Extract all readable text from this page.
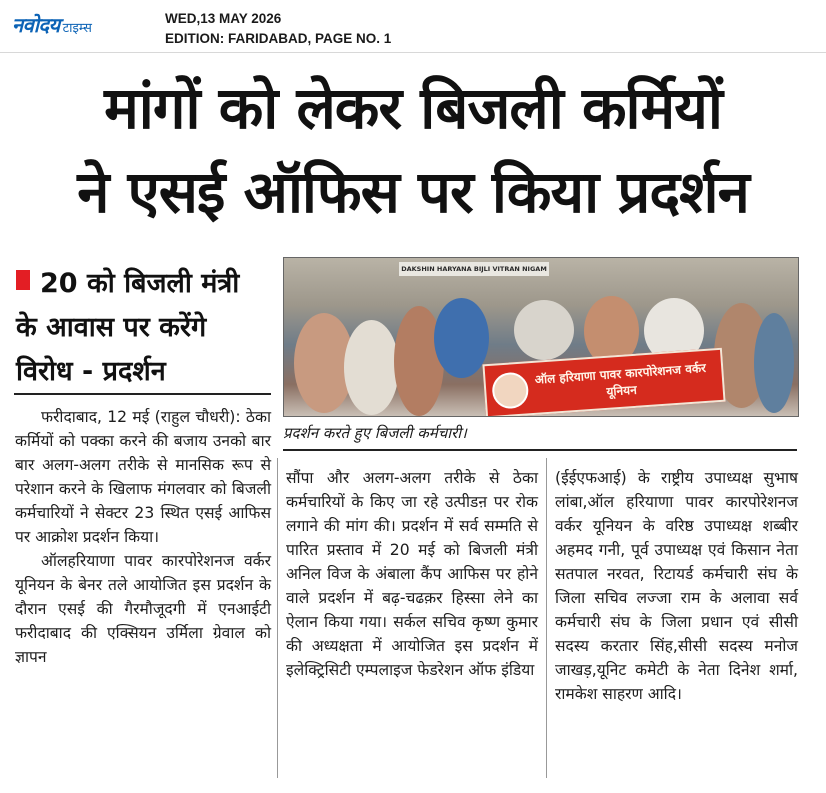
नवोदय टाइम्स
WED,13 MAY 2026
EDITION: FARIDABAD, PAGE NO. 1
मांगों को लेकर बिजली कर्मियों
ने एसई ऑफिस पर किया प्रदर्शन
20 को बिजली मंत्री
के आवास पर करेंगे
विरोध - प्रदर्शन
DAKSHIN HARYANA BIJLI VITRAN NIGAM
ऑल हरियाणा पावर कारपोरेशनज वर्कर यूनियन
प्रदर्शन करते हुए बिजली कर्मचारी।

फरीदाबाद, 12 मई (राहुल चौधरी): ठेका कर्मियों को पक्का करने की बजाय उनको बार बार अलग-अलग तरीके से मानसिक रूप से परेशान करने के खिलाफ मंगलवार को बिजली कर्मचारियों ने सेक्टर 23 स्थित एसई आफिस पर आक्रोश प्रदर्शन किया।

ऑलहरियाणा पावर कारपोरेशनज वर्कर यूनियन के बेनर तले आयोजित इस प्रदर्शन के दौरान एसई की गैरमौजूदगी में एनआईटी फरीदाबाद की एक्सियन उर्मिला ग्रेवाल को ज्ञापन

सौंपा और अलग-अलग तरीके से ठेका कर्मचारियों के किए जा रहे उत्पीडऩ पर रोक लगाने की मांग की। प्रदर्शन में सर्व सम्मति से पारित प्रस्ताव में 20 मई को बिजली मंत्री अनिल विज के अंबाला कैंप आफिस पर होने वाले प्रदर्शन में बढ़-चढक़र हिस्सा लेने का ऐलान किया गया। सर्कल सचिव कृष्ण कुमार की अध्यक्षता में आयोजित इस प्रदर्शन में इलेक्ट्रिसिटी एम्पलाइज फेडरेशन ऑफ इंडिया

(ईईएफआई) के राष्ट्रीय उपाध्यक्ष सुभाष लांबा,ऑल हरियाणा पावर कारपोरेशनज वर्कर यूनियन के वरिष्ठ उपाध्यक्ष शब्बीर अहमद गनी, पूर्व उपाध्यक्ष एवं किसान नेता सतपाल नरवत, रिटायर्ड कर्मचारी संघ के जिला सचिव लज्जा राम के अलावा सर्व कर्मचारी संघ के जिला प्रधान एवं सीसी सदस्य करतार सिंह,सीसी सदस्य मनोज जाखड़,यूनिट कमेटी के नेता दिनेश शर्मा, रामकेश साहरण आदि।
